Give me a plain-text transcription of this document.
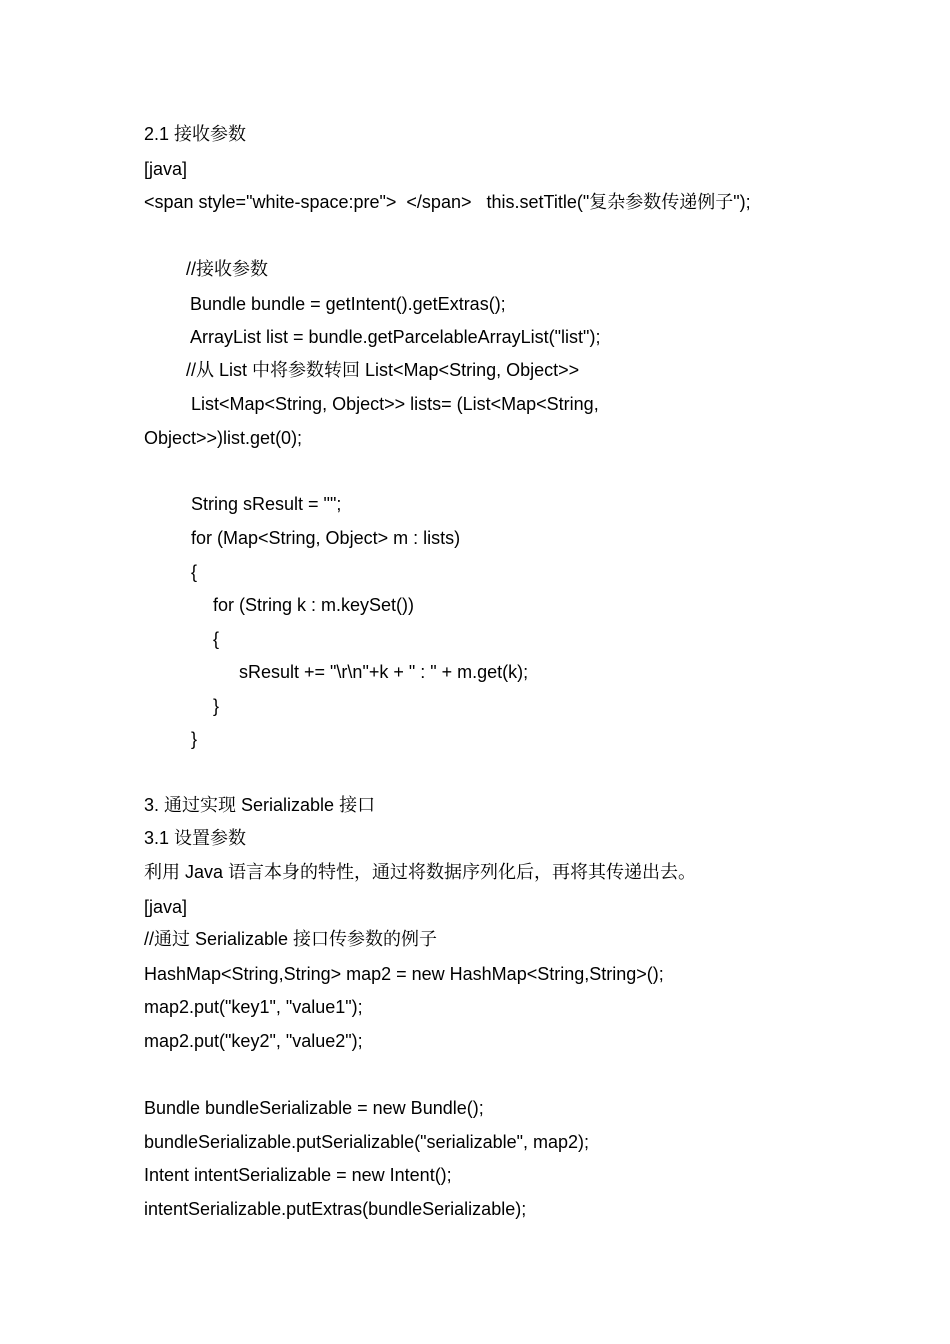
2.1 接收参数
[java]
<span style="white-space:pre">  </span>   this.setTitle("复杂参数传递例子");
//接收参数
Bundle bundle = getIntent().getExtras();
ArrayList list = bundle.getParcelableArrayList("list");
//从 List 中将参数转回 List<Map<String, Object>>
List<Map<String, Object>> lists= (List<Map<String,
Object>>)list.get(0);
String sResult = "";
for (Map<String, Object> m : lists)
{
for (String k : m.keySet())
{
sResult += "\r\n"+k + " : " + m.get(k);
}
}
3. 通过实现 Serializable 接口
3.1 设置参数
利用 Java 语言本身的特性，通过将数据序列化后，再将其传递出去。
[java]
//通过 Serializable 接口传参数的例子
HashMap<String,String> map2 = new HashMap<String,String>();
map2.put("key1", "value1");
map2.put("key2", "value2");
Bundle bundleSerializable = new Bundle();
bundleSerializable.putSerializable("serializable", map2);
Intent intentSerializable = new Intent();
intentSerializable.putExtras(bundleSerializable);
